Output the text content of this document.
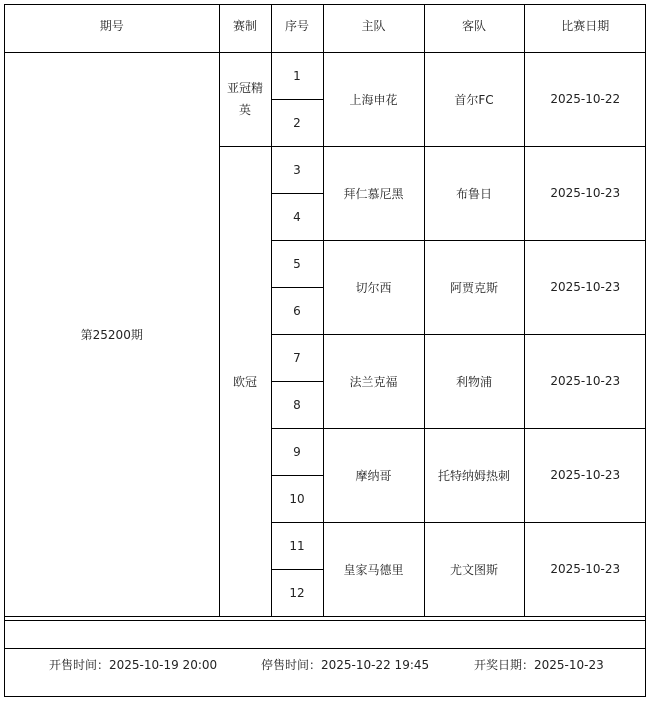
期号	赛制	序号	主队	客队	比赛日期
第25200期	亚冠精英	1	上海申花	首尔FC	2025-10-22
		2			
	欧冠	3	拜仁慕尼黑	布鲁日	2025-10-23
		4			
		5	切尔西	阿贾克斯	2025-10-23
		6			
		7	法兰克福	利物浦	2025-10-23
		8			
		9	摩纳哥	托特纳姆热刺	2025-10-23
		10			
		11	皇家马德里	尤文图斯	2025-10-23
		12			
开售时间：2025-10-19 20:00	停售时间：2025-10-22 19:45	开奖日期：2025-10-23
